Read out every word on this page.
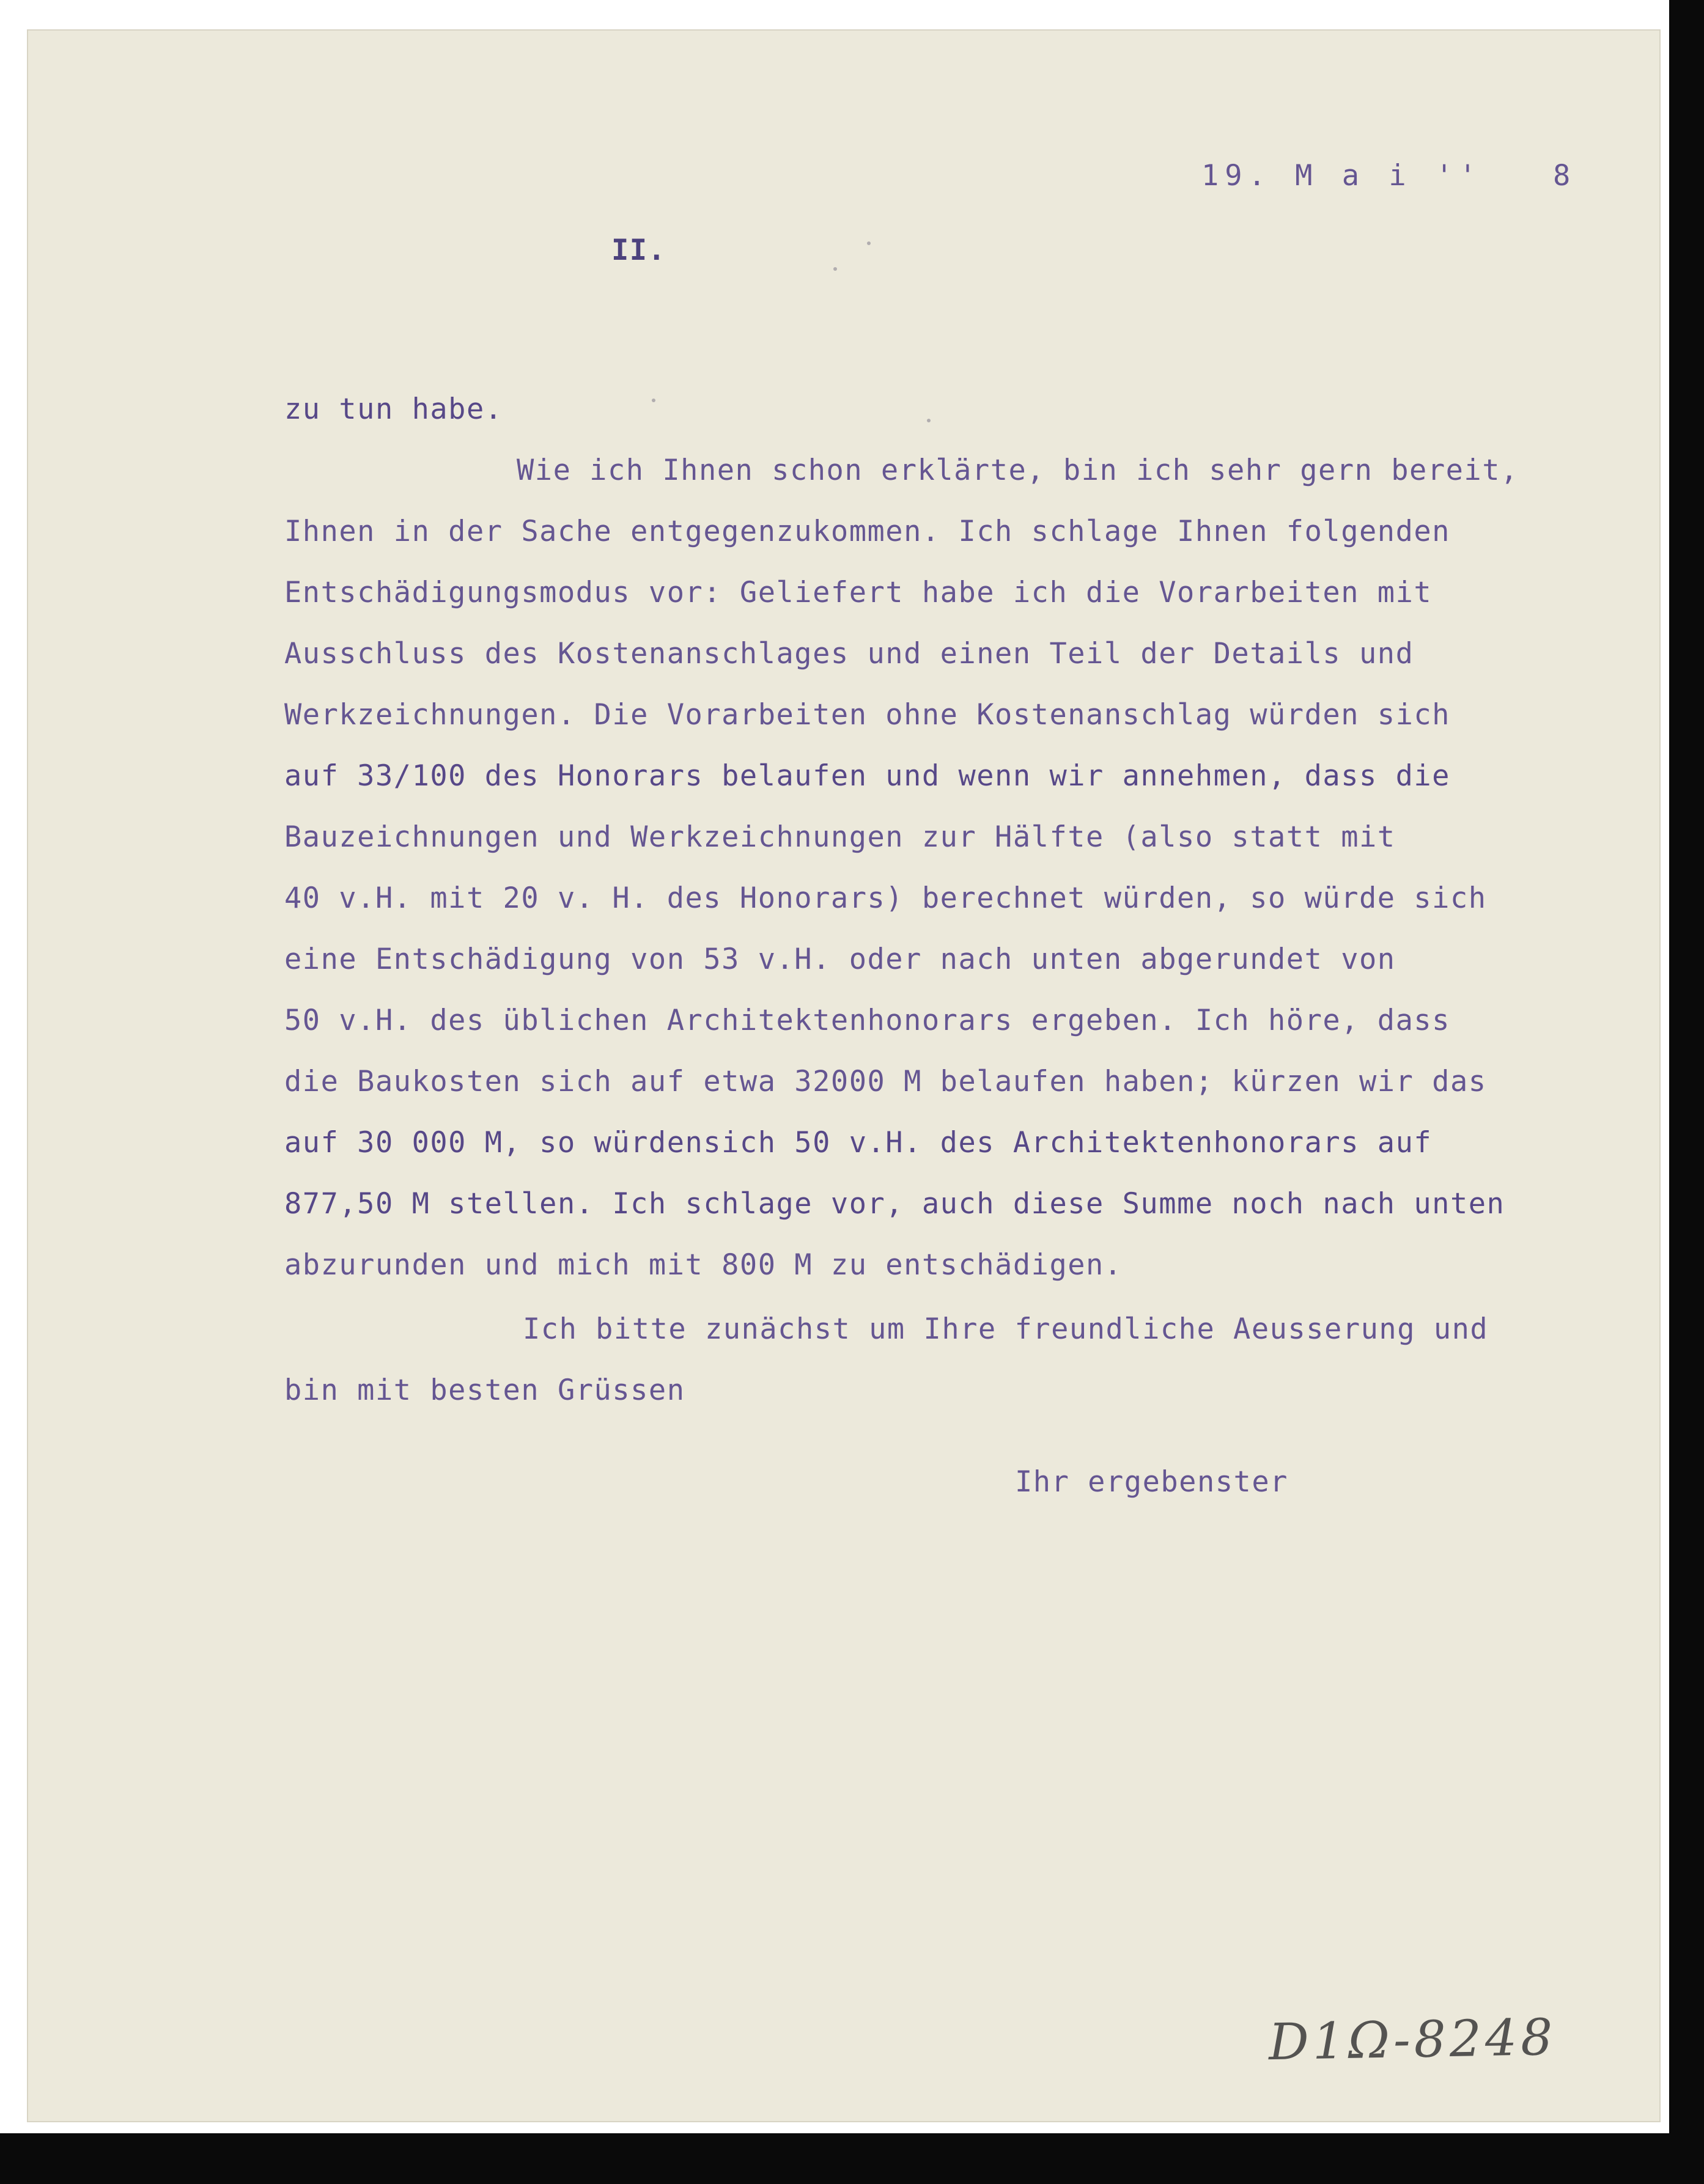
19. M a i '' 8
II.
zu tun habe.
Wie ich Ihnen schon erklärte, bin ich sehr gern bereit,
Ihnen in der Sache entgegenzukommen. Ich schlage Ihnen folgenden
Entschädigungsmodus vor: Geliefert habe ich die Vorarbeiten mit
Ausschluss des Kostenanschlages und einen Teil der Details und
Werkzeichnungen. Die Vorarbeiten ohne Kostenanschlag würden sich
auf 33/100 des Honorars belaufen und wenn wir annehmen, dass die
Bauzeichnungen und Werkzeichnungen zur Hälfte (also statt mit
40 v.H. mit 20 v. H. des Honorars) berechnet würden, so würde sich
eine Entschädigung von 53 v.H. oder nach unten abgerundet von
50 v.H. des üblichen Architektenhonorars ergeben. Ich höre, dass
die Baukosten sich auf etwa 32000 M belaufen haben; kürzen wir das
auf 30 000 M, so würdensich 50 v.H. des Architektenhonorars auf
877,50 M stellen. Ich schlage vor, auch diese Summe noch nach unten
abzurunden und mich mit 800 M zu entschädigen.
Ich bitte zunächst um Ihre freundliche Aeusserung und
bin mit besten Grüssen
Ihr ergebenster
D1Ω-8248
